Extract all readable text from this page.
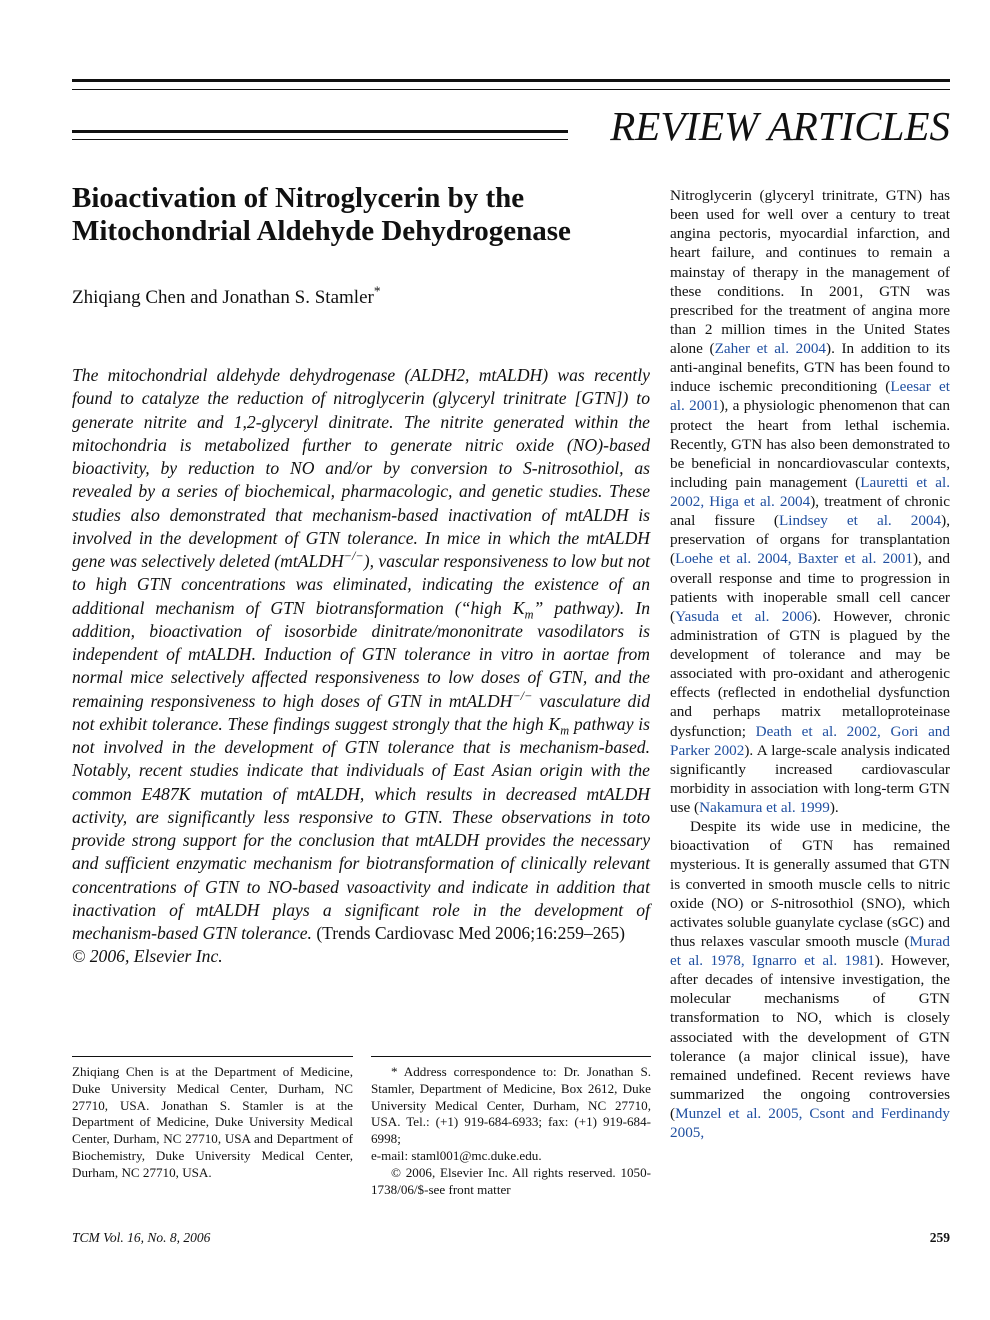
REVIEW ARTICLES
Bioactivation of Nitroglycerin by the Mitochondrial Aldehyde Dehydrogenase
Zhiqiang Chen and Jonathan S. Stamler*

The mitochondrial aldehyde dehydrogenase (ALDH2, mtALDH) was recently found to catalyze the reduction of nitroglycerin (glyceryl trinitrate [GTN]) to generate nitrite and 1,2-glyceryl dinitrate. The nitrite generated within the mitochondria is metabolized further to generate nitric oxide (NO)-based bioactivity, by reduction to NO and/or by conversion to S-nitrosothiol, as revealed by a series of biochemical, pharmacologic, and genetic studies. These studies also demonstrated that mechanism-based inactivation of mtALDH is involved in the development of GTN tolerance. In mice in which the mtALDH gene was selectively deleted (mtALDH−/−), vascular responsiveness to low but not to high GTN concentrations was eliminated, indicating the existence of an additional mechanism of GTN biotransformation (“high $K_m$” pathway). In addition, bioactivation of isosorbide dinitrate/mononitrate vasodilators is independent of mtALDH. Induction of GTN tolerance in vitro in aortae from normal mice selectively affected responsiveness to low doses of GTN, and the remaining responsiveness to high doses of GTN in mtALDH−/− vasculature did not exhibit tolerance. These findings suggest strongly that the high $K_m$ pathway is not involved in the development of GTN tolerance that is mechanism-based. Notably, recent studies indicate that individuals of East Asian origin with the common E487K mutation of mtALDH, which results in decreased mtALDH activity, are significantly less responsive to GTN. These observations in toto provide strong support for the conclusion that mtALDH provides the necessary and sufficient enzymatic mechanism for biotransformation of clinically relevant concentrations of GTN to NO-based vasoactivity and indicate in addition that inactivation of mtALDH plays a significant role in the development of mechanism-based GTN tolerance. (Trends Cardiovasc Med 2006;16:259–265)
© 2006, Elsevier Inc.

Zhiqiang Chen is at the Department of Medicine, Duke University Medical Center, Durham, NC 27710, USA. Jonathan S. Stamler is at the Department of Medicine, Duke University Medical Center, Durham, NC 27710, USA and Department of Biochemistry, Duke University Medical Center, Durham, NC 27710, USA.

* Address correspondence to: Dr. Jonathan S. Stamler, Department of Medicine, Box 2612, Duke University Medical Center, Durham, NC 27710, USA. Tel.: (+1) 919-684-6933; fax: (+1) 919-684-6998;
e-mail: staml001@mc.duke.edu.
© 2006, Elsevier Inc. All rights reserved. 1050-1738/06/$-see front matter

Nitroglycerin (glyceryl trinitrate, GTN) has been used for well over a century to treat angina pectoris, myocardial infarction, and heart failure, and continues to remain a mainstay of therapy in the management of these conditions. In 2001, GTN was prescribed for the treatment of angina more than 2 million times in the United States alone (Zaher et al. 2004). In addition to its anti-anginal benefits, GTN has been found to induce ischemic preconditioning (Leesar et al. 2001), a physiologic phenomenon that can protect the heart from lethal ischemia. Recently, GTN has also been demonstrated to be beneficial in noncardiovascular contexts, including pain management (Lauretti et al. 2002, Higa et al. 2004), treatment of chronic anal fissure (Lindsey et al. 2004), preservation of organs for transplantation (Loehe et al. 2004, Baxter et al. 2001), and overall response and time to progression in patients with inoperable small cell cancer (Yasuda et al. 2006). However, chronic administration of GTN is plagued by the development of tolerance and may be associated with pro-oxidant and atherogenic effects (reflected in endothelial dysfunction and perhaps matrix metalloproteinase dysfunction; Death et al. 2002, Gori and Parker 2002). A large-scale analysis indicated significantly increased cardiovascular morbidity in association with long-term GTN use (Nakamura et al. 1999).

Despite its wide use in medicine, the bioactivation of GTN has remained mysterious. It is generally assumed that GTN is converted in smooth muscle cells to nitric oxide (NO) or S-nitrosothiol (SNO), which activates soluble guanylate cyclase (sGC) and thus relaxes vascular smooth muscle (Murad et al. 1978, Ignarro et al. 1981). However, after decades of intensive investigation, the molecular mechanisms of GTN transformation to NO, which is closely associated with the development of GTN tolerance (a major clinical issue), have remained undefined. Recent reviews have summarized the ongoing controversies (Munzel et al. 2005, Csont and Ferdinandy 2005,

TCM Vol. 16, No. 8, 2006	259
